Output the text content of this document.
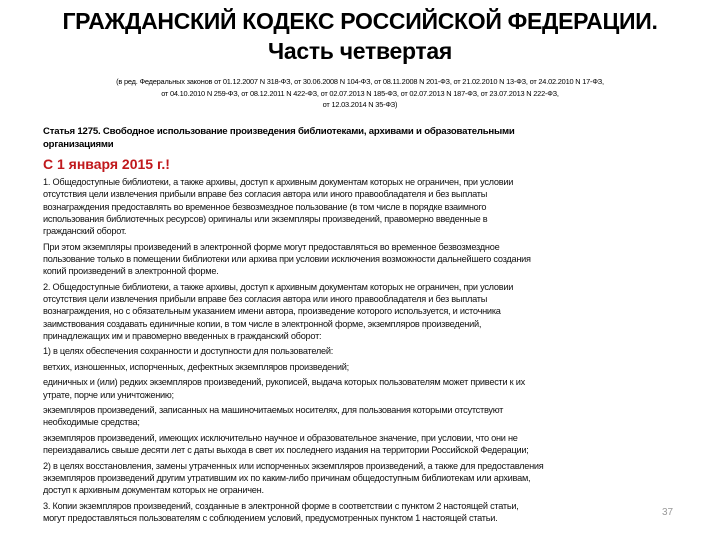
ГРАЖДАНСКИЙ КОДЕКС РОССИЙСКОЙ ФЕДЕРАЦИИ.
Часть четвертая
(в ред. Федеральных законов от 01.12.2007 N 318-ФЗ, от 30.06.2008 N 104-ФЗ, от 08.11.2008 N 201-ФЗ, от 21.02.2010 N 13-ФЗ, от 24.02.2010 N 17-ФЗ,
от 04.10.2010 N 259-ФЗ, от 08.12.2011 N 422-ФЗ, от 02.07.2013 N 185-ФЗ, от 02.07.2013 N 187-ФЗ, от 23.07.2013 N 222-ФЗ,
от 12.03.2014 N 35-ФЗ)
Статья 1275. Свободное использование произведения библиотеками, архивами и образовательными
организациями
С 1 января 2015 г.!
1. Общедоступные библиотеки, а также архивы, доступ к архивным документам которых не ограничен, при условии
отсутствия цели извлечения прибыли вправе без согласия автора или иного правообладателя и без выплаты
вознаграждения предоставлять во временное безвозмездное пользование (в том числе в порядке взаимного
использования библиотечных ресурсов) оригиналы или экземпляры произведений, правомерно введенные в
гражданский оборот.
При этом экземпляры произведений в электронной форме могут предоставляться во временное безвозмездное
пользование только в помещении библиотеки или архива при условии исключения возможности дальнейшего создания
копий произведений в электронной форме.
2. Общедоступные библиотеки, а также архивы, доступ к архивным документам которых не ограничен, при условии
отсутствия цели извлечения прибыли вправе без согласия автора или иного правообладателя и без выплаты
вознаграждения, но с обязательным указанием имени автора, произведение которого используется, и источника
заимствования создавать единичные копии, в том числе в электронной форме, экземпляров произведений,
принадлежащих им и правомерно введенных в гражданский оборот:
1) в целях обеспечения сохранности и доступности для пользователей:
ветхих, изношенных, испорченных, дефектных экземпляров произведений;
единичных и (или) редких экземпляров произведений, рукописей, выдача которых пользователям может привести к их
утрате, порче или уничтожению;
экземпляров произведений, записанных на машиночитаемых носителях, для пользования которыми отсутствуют
необходимые средства;
экземпляров произведений, имеющих исключительно научное и образовательное значение, при условии, что они не
переиздавались свыше десяти лет с даты выхода в свет их последнего издания на территории Российской Федерации;
2) в целях восстановления, замены утраченных или испорченных экземпляров произведений, а также для предоставления
экземпляров произведений другим утратившим их по каким-либо причинам общедоступным библиотекам или архивам,
доступ к архивным документам которых не ограничен.
3. Копии экземпляров произведений, созданные в электронной форме в соответствии с пунктом 2 настоящей статьи,
могут предоставляться пользователям с соблюдением условий, предусмотренных пунктом 1 настоящей статьи.
37
